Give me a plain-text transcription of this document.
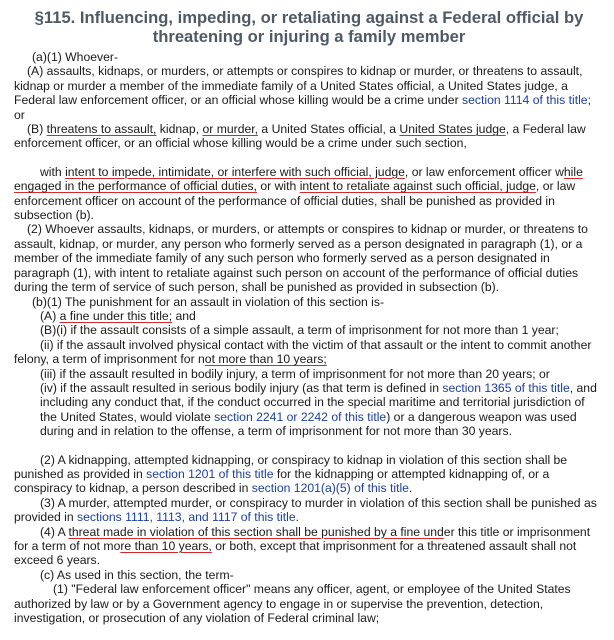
§115. Influencing, impeding, or retaliating against a Federal official by
threatening or injuring a family member

(a)(1) Whoever-

(A) assaults, kidnaps, or murders, or attempts or conspires to kidnap or murder, or threatens to assault, kidnap or murder a member of the immediate family of a United States official, a United States judge, a Federal law enforcement officer, or an official whose killing would be a crime under section 1114 of this title; or

(B) threatens to assault, kidnap, or murder, a United States official, a United States judge, a Federal law enforcement officer, or an official whose killing would be a crime under such section,

with intent to impede, intimidate, or interfere with such official, judge, or law enforcement officer while engaged in the performance of official duties, or with intent to retaliate against such official, judge, or law enforcement officer on account of the performance of official duties, shall be punished as provided in subsection (b).

(2) Whoever assaults, kidnaps, or murders, or attempts or conspires to kidnap or murder, or threatens to assault, kidnap, or murder, any person who formerly served as a person designated in paragraph (1), or a member of the immediate family of any such person who formerly served as a person designated in paragraph (1), with intent to retaliate against such person on account of the performance of official duties during the term of service of such person, shall be punished as provided in subsection (b).

(b)(1) The punishment for an assault in violation of this section is-

(A) a fine under this title; and

(B)(i) if the assault consists of a simple assault, a term of imprisonment for not more than 1 year;

(ii) if the assault involved physical contact with the victim of that assault or the intent to commit another felony, a term of imprisonment for not more than 10 years;

(iii) if the assault resulted in bodily injury, a term of imprisonment for not more than 20 years; or

(iv) if the assault resulted in serious bodily injury (as that term is defined in section 1365 of this title, and including any conduct that, if the conduct occurred in the special maritime and territorial jurisdiction of the United States, would violate section 2241 or 2242 of this title) or a dangerous weapon was used during and in relation to the offense, a term of imprisonment for not more than 30 years.

(2) A kidnapping, attempted kidnapping, or conspiracy to kidnap in violation of this section shall be punished as provided in section 1201 of this title for the kidnapping or attempted kidnapping of, or a conspiracy to kidnap, a person described in section 1201(a)(5) of this title.

(3) A murder, attempted murder, or conspiracy to murder in violation of this section shall be punished as provided in sections 1111, 1113, and 1117 of this title.

(4) A threat made in violation of this section shall be punished by a fine under this title or imprisonment for a term of not more than 10 years, or both, except that imprisonment for a threatened assault shall not exceed 6 years.

(c) As used in this section, the term-

(1) "Federal law enforcement officer" means any officer, agent, or employee of the United States authorized by law or by a Government agency to engage in or supervise the prevention, detection, investigation, or prosecution of any violation of Federal criminal law;
